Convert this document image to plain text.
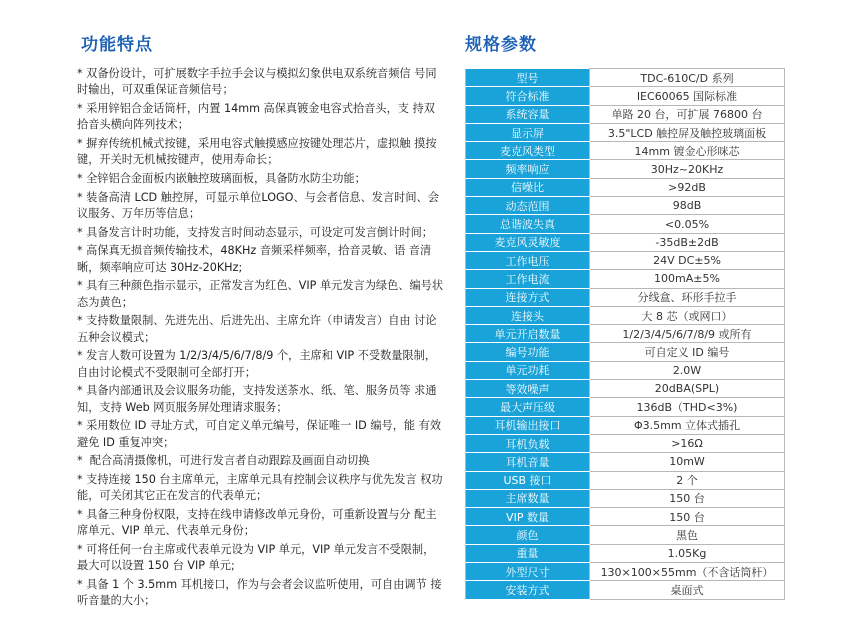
功能特点	规格参数
* 双备份设计，可扩展数字手拉手会议与模拟幻象供电双系统音频信 号同时输出，可双重保证音频信号；
* 采用锌铝合金话筒杆，内置 14mm 高保真镀金电容式拾音头，支 持双拾音头横向阵列技术；
* 摒弃传统机械式按键，采用电容式触摸感应按键处理芯片，虚拟触 摸按键，开关时无机械按键声，使用寿命长；
* 全锌铝合金面板内嵌触控玻璃面板，具备防水防尘功能；
* 装备高清 LCD 触控屏，可显示单位LOGO、与会者信息、发言时间、会议服务、万年历等信息；
* 具备发言计时功能，支持发言时间动态显示，可设定可发言倒计时间；
* 高保真无损音频传输技术，48KHz 音频采样频率，拾音灵敏、语 音清晰，频率响应可达 30Hz-20KHz;
* 具有三种颜色指示显示，正常发言为红色、VIP 单元发言为绿色、编号状态为黄色；
* 支持数量限制、先进先出、后进先出、主席允许（申请发言）自由 讨论五种会议模式；
* 发言人数可设置为 1/2/3/4/5/6/7/8/9 个，主席和 VIP 不受数量限制，自由讨论模式不受限制可全部打开；
* 具备内部通讯及会议服务功能，支持发送茶水、纸、笔、服务员等 求通知，支持 Web 网页服务屏处理请求服务；
* 采用数位 ID 寻址方式，可自定义单元编号，保证唯一 ID 编号，能 有效避免 ID 重复冲突；
*  配合高清摄像机，可进行发言者自动跟踪及画面自动切换
* 支持连接 150 台主席单元，主席单元具有控制会议秩序与优先发言 权功能，可关闭其它正在发言的代表单元；
* 具备三种身份权限，支持在线申请修改单元身份，可重新设置与分 配主席单元、VIP 单元、代表单元身份；
* 可将任何一台主席或代表单元设为 VIP 单元，VIP 单元发言不受限制，最大可以设置 150 台 VIP 单元;
* 具备 1 个 3.5mm 耳机接口，作为与会者会议监听使用，可自由调节 接听音量的大小；
型号	TDC-610C/D 系列
符合标准	IEC60065 国际标准
系统容量	单路 20 台，可扩展 76800 台
显示屏	3.5"LCD 触控屏及触控玻璃面板
麦克风类型	14mm 镀金心形咪芯
频率响应	30Hz~20KHz
信噪比	>92dB
动态范围	98dB
总谐波失真	<0.05%
麦克风灵敏度	-35dB±2dB
工作电压	24V DC±5%
工作电流	100mA±5%
连接方式	分线盒、环形手拉手
连接头	大 8 芯（或网口）
单元开启数量	1/2/3/4/5/6/7/8/9 或所有
编号功能	可自定义 ID 编号
单元功耗	2.0W
等效噪声	20dBA(SPL)
最大声压级	136dB（THD<3%)
耳机输出接口	Φ3.5mm 立体式插孔
耳机负载	>16Ω
耳机音量	10mW
USB 接口	2 个
主席数量	150 台
VIP 数量	150 台
颜色	黑色
重量	1.05Kg
外型尺寸	130×100×55mm（不含话筒杆）
安装方式	桌面式
